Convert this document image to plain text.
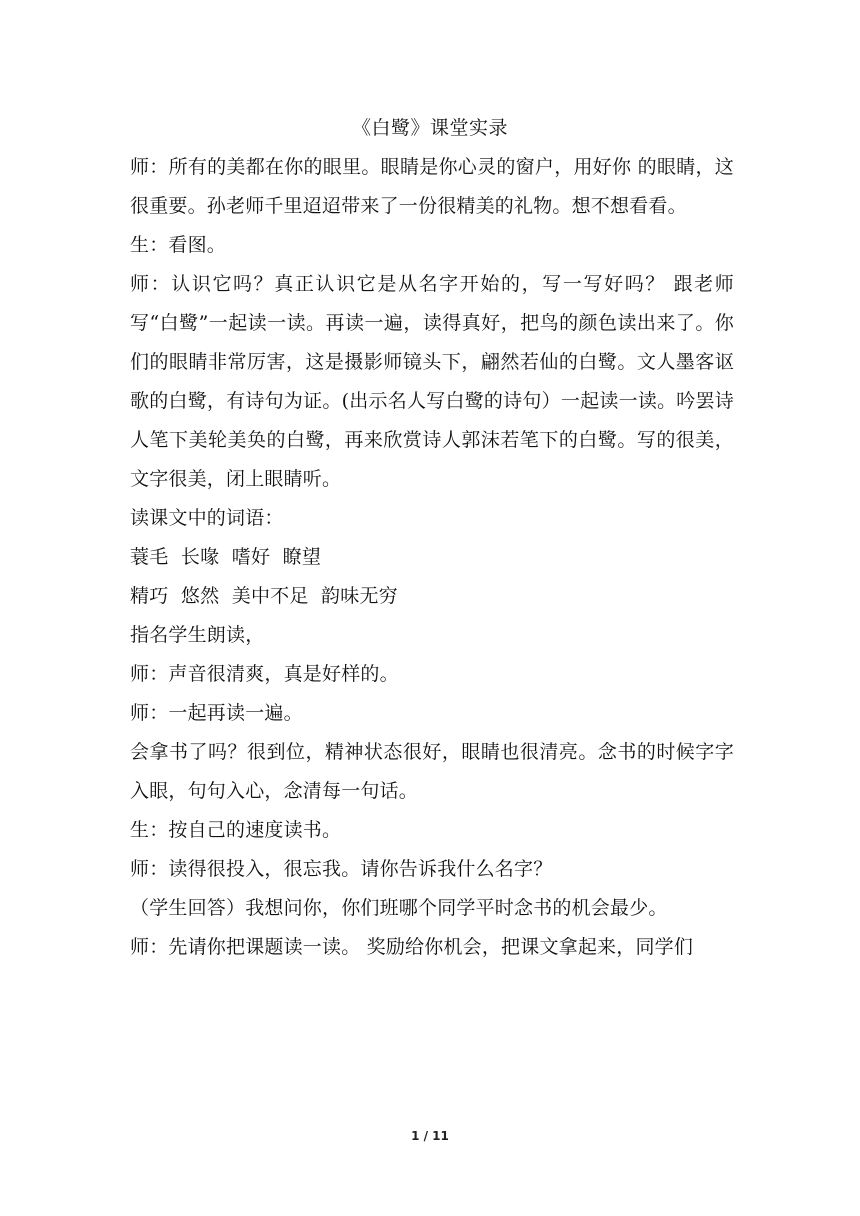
《白鹭》课堂实录

师：所有的美都在你的眼里。眼睛是你心灵的窗户，用好你 的眼睛，这很重要。孙老师千里迢迢带来了一份很精美的礼物。想不想看看。

生：看图。

师：认识它吗？真正认识它是从名字开始的，写一写好吗？ 跟老师写“白鹭”一起读一读。再读一遍，读得真好，把鸟的颜色读出来了。你们的眼睛非常厉害，这是摄影师镜头下，翩然若仙的白鹭。文人墨客讴歌的白鹭，有诗句为证。(出示名人写白鹭的诗句）一起读一读。吟罢诗人笔下美轮美奂的白鹭，再来欣赏诗人郭沫若笔下的白鹭。写的很美，文字很美，闭上眼睛听。

读课文中的词语：

蓑毛  长喙  嗜好  瞭望

精巧  悠然  美中不足  韵味无穷

指名学生朗读，

师：声音很清爽，真是好样的。

师：一起再读一遍。

会拿书了吗？很到位，精神状态很好，眼睛也很清亮。念书的时候字字入眼，句句入心，念清每一句话。

生：按自己的速度读书。

师：读得很投入，很忘我。请你告诉我什么名字？

（学生回答）我想问你，你们班哪个同学平时念书的机会最少。

师：先请你把课题读一读。 奖励给你机会，把课文拿起来，同学们

1 / 11
